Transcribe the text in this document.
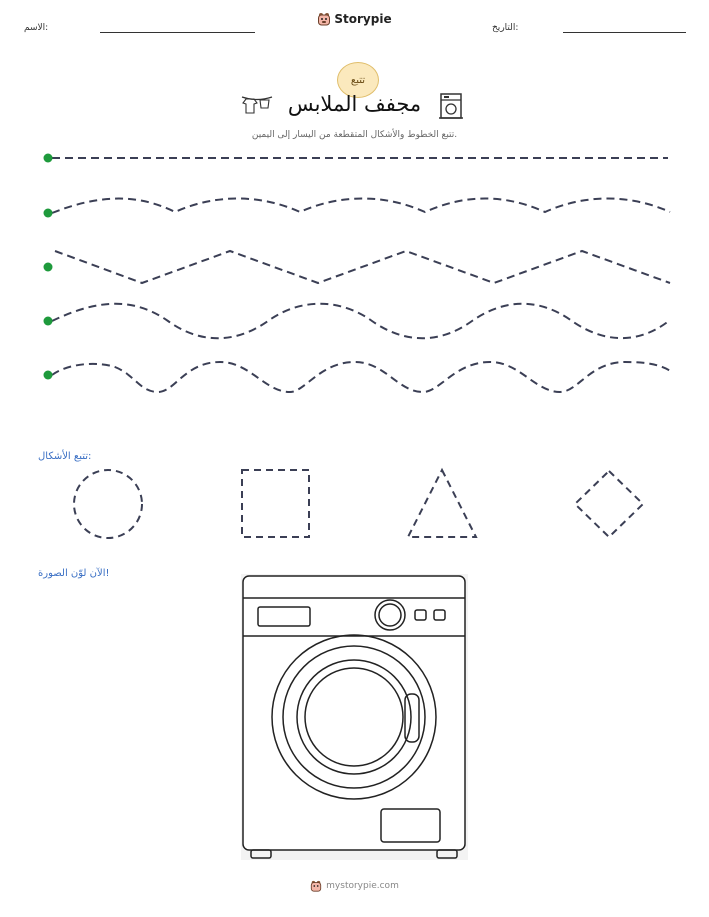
الاسم:	التاريخ:
Storypie
تتبع
مجفف الملابس
تتبع الخطوط والأشكال المتقطعة من اليسار إلى اليمين.
تتبع الأشكال:
الآن لوّن الصورة!
mystorypie.com
